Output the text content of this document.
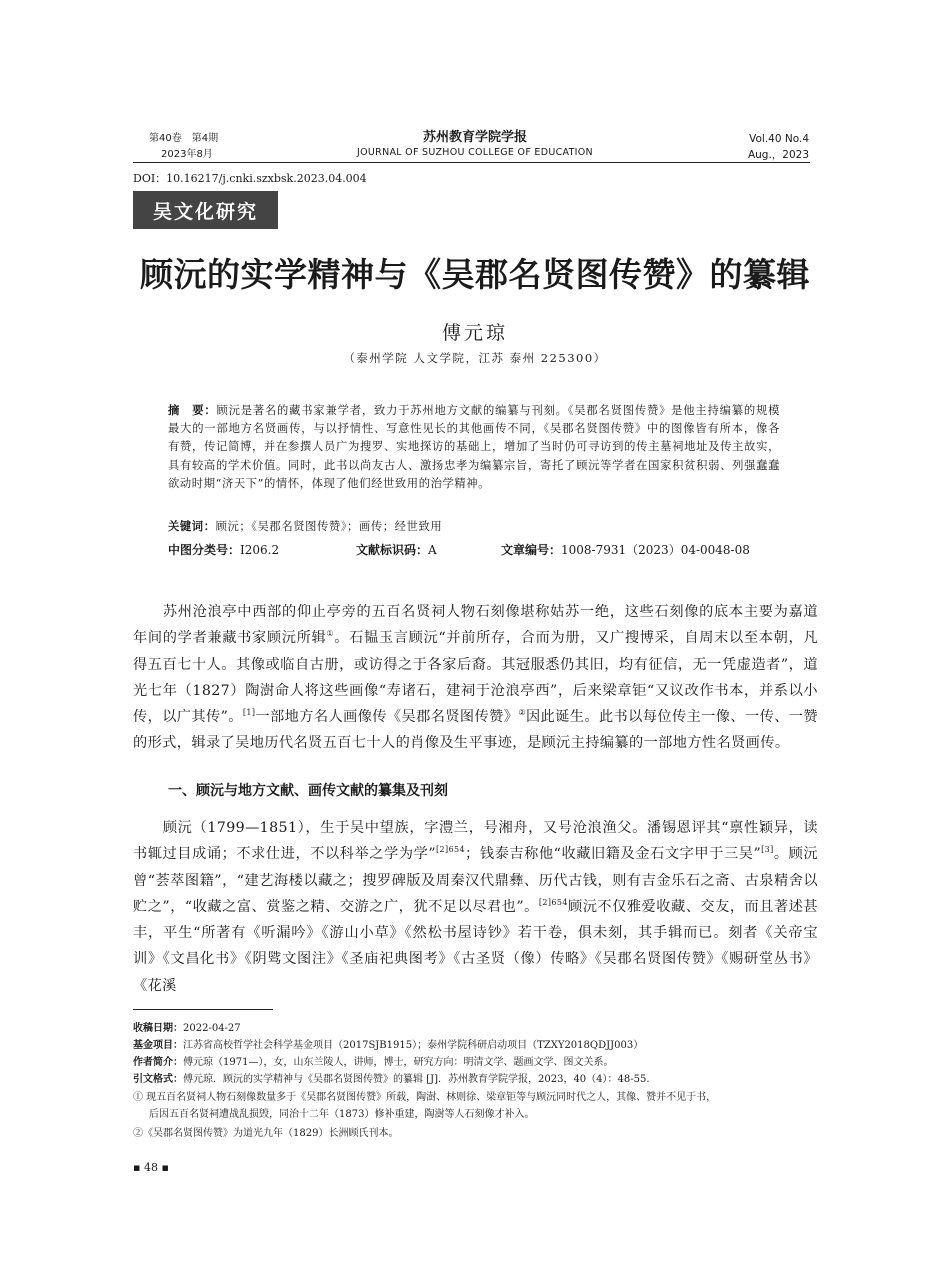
第40卷　第4期
2023年8月
苏州教育学院学报
JOURNAL OF SUZHOU COLLEGE OF EDUCATION
Vol.40 No.4
Aug.，2023
DOI：10.16217/j.cnki.szxbsk.2023.04.004
吴文化研究
顾沅的实学精神与《吴郡名贤图传赞》的纂辑
傅元琼
（泰州学院 人文学院，江苏 泰州 225300）
摘　要：顾沅是著名的藏书家兼学者，致力于苏州地方文献的编纂与刊刻。《吴郡名贤图传赞》是他主持编纂的规模最大的一部地方名贤画传，与以抒情性、写意性见长的其他画传不同，《吴郡名贤图传赞》中的图像皆有所本，像各有赞，传记简博，并在参撰人员广为搜罗、实地探访的基础上，增加了当时仍可寻访到的传主墓祠地址及传主故实，具有较高的学术价值。同时，此书以尚友古人、激扬忠孝为编纂宗旨，寄托了顾沅等学者在国家积贫积弱、列强蠢蠢欲动时期“济天下”的情怀，体现了他们经世致用的治学精神。
关键词：顾沅；《吴郡名贤图传赞》；画传；经世致用
中图分类号：I206.2	文献标识码：A	文章编号：1008-7931（2023）04-0048-08

苏州沧浪亭中西部的仰止亭旁的五百名贤祠人物石刻像堪称姑苏一绝，这些石刻像的底本主要为嘉道年间的学者兼藏书家顾沅所辑①。石韫玉言顾沅“并前所存，合而为册，又广搜博采，自周末以至本朝，凡得五百七十人。其像或临自古册，或访得之于各家后裔。其冠服悉仍其旧，均有征信，无一凭虚造者”，道光七年（1827）陶澍命人将这些画像“寿诸石，建祠于沧浪亭西”，后来梁章钜“又议改作书本，并系以小传，以广其传”。[1]一部地方名人画像传《吴郡名贤图传赞》②因此诞生。此书以每位传主一像、一传、一赞的形式，辑录了吴地历代名贤五百七十人的肖像及生平事迹，是顾沅主持编纂的一部地方性名贤画传。

一、顾沅与地方文献、画传文献的纂集及刊刻

顾沅（1799—1851），生于吴中望族，字澧兰，号湘舟，又号沧浪渔父。潘锡恩评其“禀性颖异，读书辄过目成诵；不求仕进，不以科举之学为学”$^{[2]654}$；钱泰吉称他“收藏旧籍及金石文字甲于三吴”[3]。顾沅曾“荟萃图籍”，“建艺海楼以藏之；搜罗碑版及周秦汉代鼎彝、历代古钱，则有吉金乐石之斋、古泉精舍以贮之”，“收藏之富、赏鉴之精、交游之广，犹不足以尽君也”。$^{[2]654}$顾沅不仅雅爱收藏、交友，而且著述甚丰，平生“所著有《听漏吟》《游山小草》《然松书屋诗钞》若干卷，俱未刻，其手辑而已。刻者《关帝宝训》《文昌化书》《阴骘文图注》《圣庙祀典图考》《古圣贤（像）传略》《吴郡名贤图传赞》《赐研堂丛书》《花溪

收稿日期：2022-04-27
基金项目：江苏省高校哲学社会科学基金项目（2017SJB1915）；泰州学院科研启动项目（TZXY2018QDJJ003）
作者简介：傅元琼（1971—），女，山东兰陵人，讲师，博士，研究方向：明清文学、题画文学、图文关系。
引文格式：傅元琼．顾沅的实学精神与《吴郡名贤图传赞》的纂辑 [J]．苏州教育学院学报，2023，40（4）：48-55.
① 现五百名贤祠人物石刻像数量多于《吴郡名贤图传赞》所载，陶澍、林则徐、梁章钜等与顾沅同时代之人，其像、赞并不见于书，
后因五百名贤祠遭战乱损毁，同治十二年（1873）修补重建，陶澍等人石刻像才补入。
②《吴郡名贤图传赞》为道光九年（1829）长洲顾氏刊本。
▪ 48 ▪
